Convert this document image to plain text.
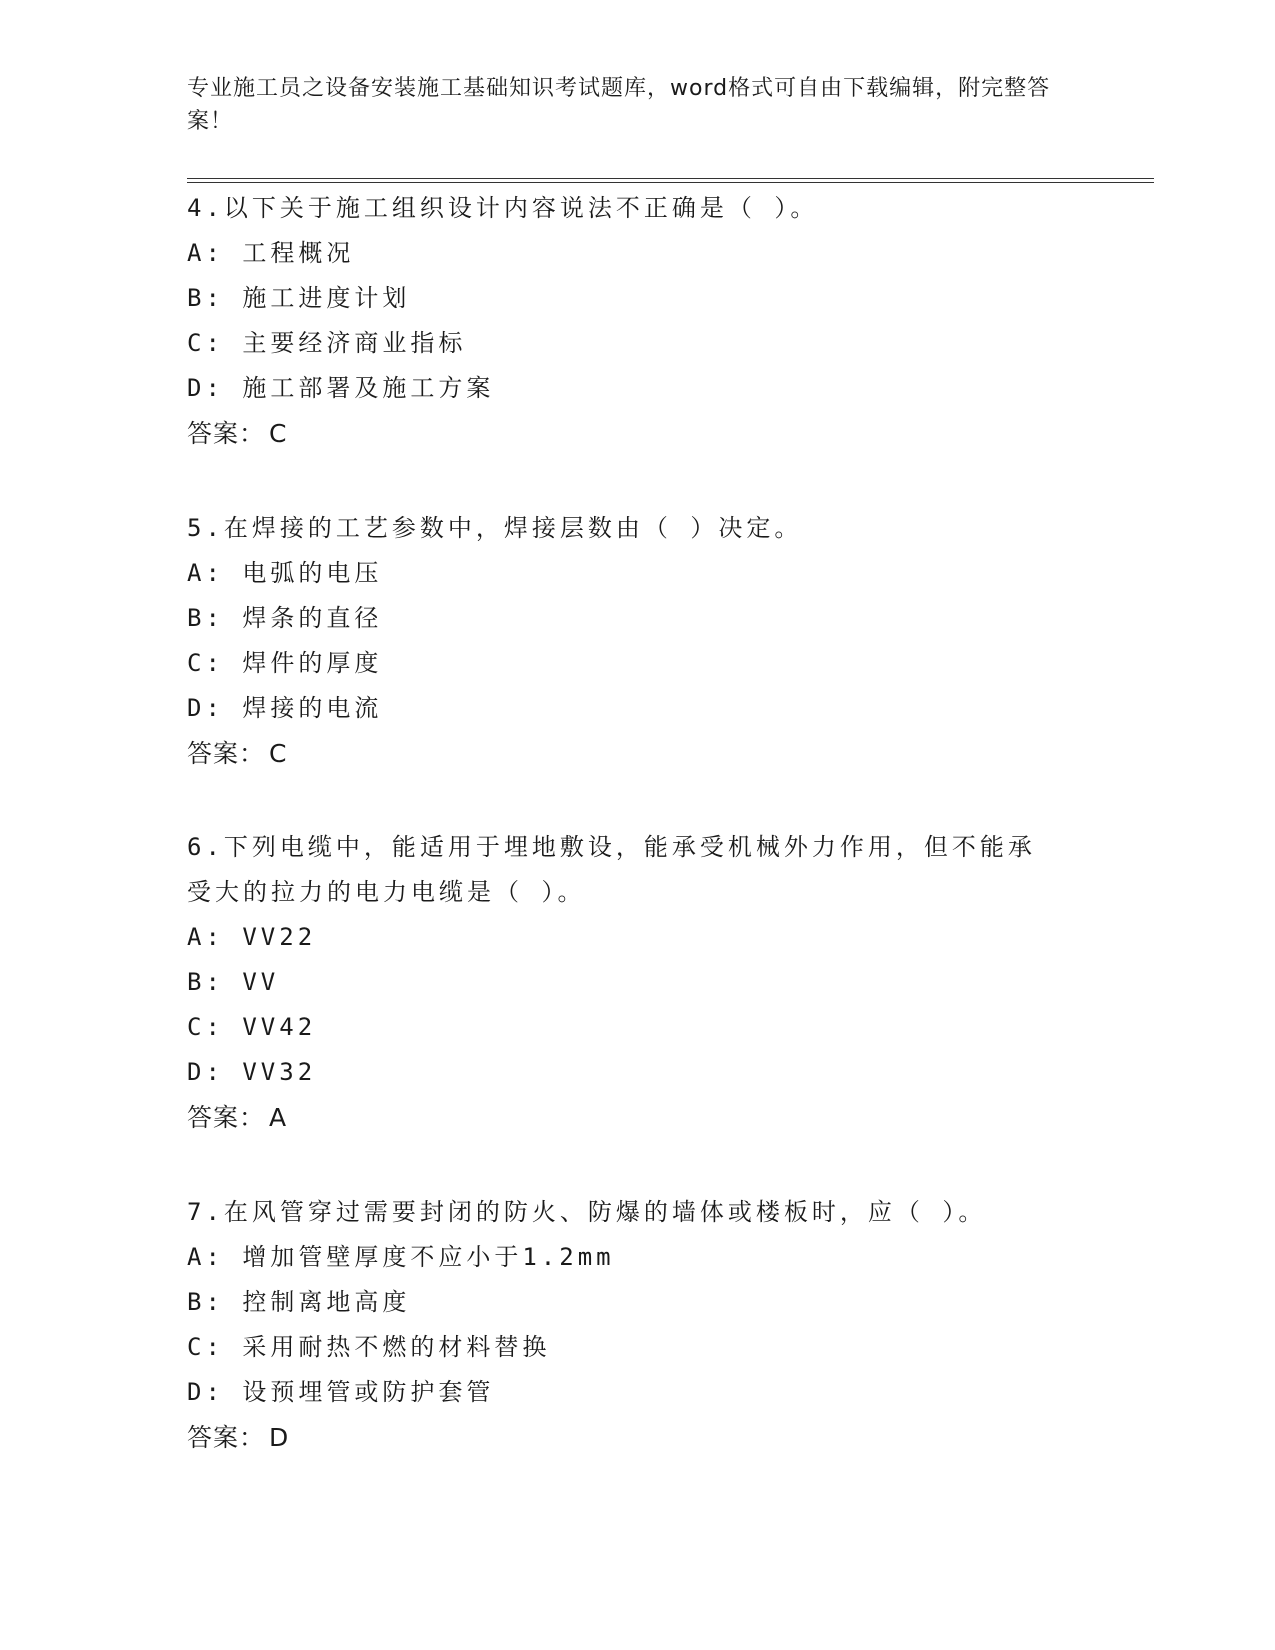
专业施工员之设备安装施工基础知识考试题库，word格式可自由下载编辑，附完整答案！
4.以下关于施工组织设计内容说法不正确是（ ）。
A: 工程概况
B: 施工进度计划
C: 主要经济商业指标
D: 施工部署及施工方案
答案： C
5.在焊接的工艺参数中，焊接层数由（ ）决定。
A: 电弧的电压
B: 焊条的直径
C: 焊件的厚度
D: 焊接的电流
答案： C
6.下列电缆中，能适用于埋地敷设，能承受机械外力作用，但不能承
受大的拉力的电力电缆是（ ）。
A: VV22
B: VV
C: VV42
D: VV32
答案： A
7.在风管穿过需要封闭的防火、防爆的墙体或楼板时，应（ ）。
A: 增加管壁厚度不应小于1.2mm
B: 控制离地高度
C: 采用耐热不燃的材料替换
D: 设预埋管或防护套管
答案： D
